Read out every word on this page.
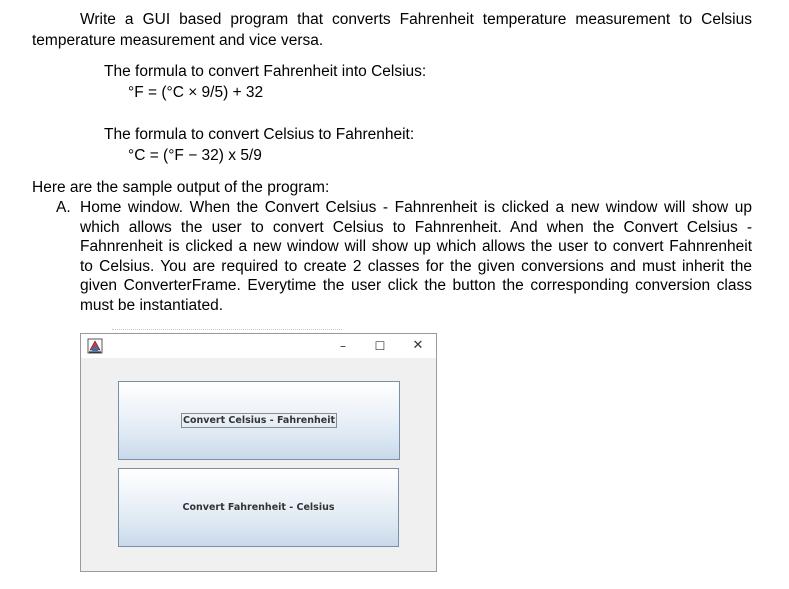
Write a GUI based program that converts Fahrenheit temperature measurement to Celsius
temperature measurement and vice versa.
The formula to convert Fahrenheit into Celsius:
°F = (°C × 9/5) + 32
The formula to convert Celsius to Fahrenheit:
°C = (°F − 32) x 5/9
Here are the sample output of the program:
A. Home window. When the Convert Celsius - Fahnrenheit is clicked a new window will show up
which allows the user to convert Celsius to Fahnrenheit. And when the Convert Celsius -
Fahnrenheit is clicked a new window will show up which allows the user to convert Fahnrenheit
to Celsius. You are required to create 2 classes for the given conversions and must inherit the
given ConverterFrame. Everytime the user click the button the corresponding conversion class
must be instantiated.
–	☐	✕
Convert Celsius - Fahrenheit
Convert Fahrenheit - Celsius
